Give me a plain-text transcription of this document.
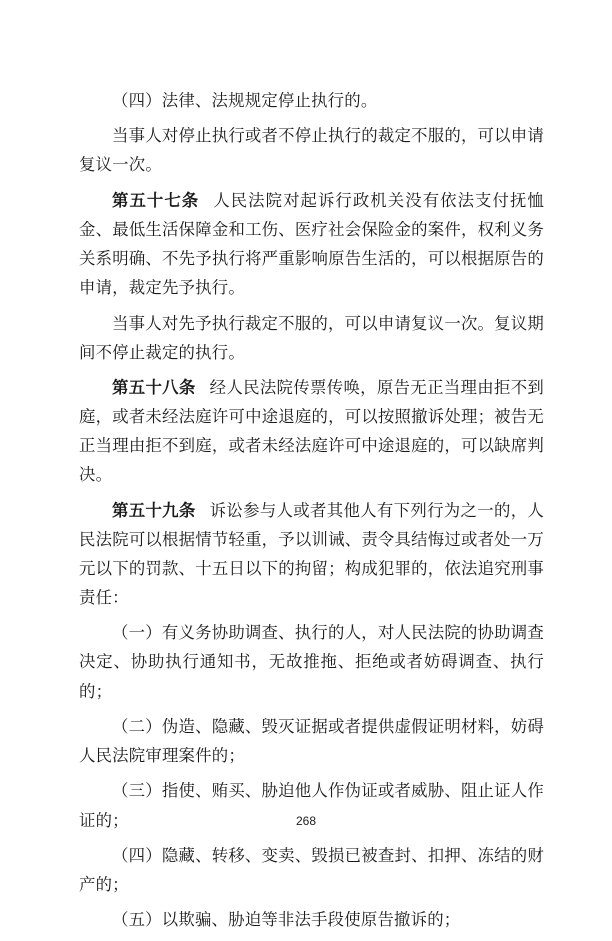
（四）法律、法规规定停止执行的。

当事人对停止执行或者不停止执行的裁定不服的，可以申请复议一次。

第五十七条 人民法院对起诉行政机关没有依法支付抚恤金、最低生活保障金和工伤、医疗社会保险金的案件，权利义务关系明确、不先予执行将严重影响原告生活的，可以根据原告的申请，裁定先予执行。

当事人对先予执行裁定不服的，可以申请复议一次。复议期间不停止裁定的执行。

第五十八条 经人民法院传票传唤，原告无正当理由拒不到庭，或者未经法庭许可中途退庭的，可以按照撤诉处理；被告无正当理由拒不到庭，或者未经法庭许可中途退庭的，可以缺席判决。

第五十九条 诉讼参与人或者其他人有下列行为之一的，人民法院可以根据情节轻重，予以训诫、责令具结悔过或者处一万元以下的罚款、十五日以下的拘留；构成犯罪的，依法追究刑事责任：

（一）有义务协助调查、执行的人，对人民法院的协助调查决定、协助执行通知书，无故推拖、拒绝或者妨碍调查、执行的；

（二）伪造、隐藏、毁灭证据或者提供虚假证明材料，妨碍人民法院审理案件的；

（三）指使、贿买、胁迫他人作伪证或者威胁、阻止证人作证的；

（四）隐藏、转移、变卖、毁损已被查封、扣押、冻结的财产的；

（五）以欺骗、胁迫等非法手段使原告撤诉的；

268
